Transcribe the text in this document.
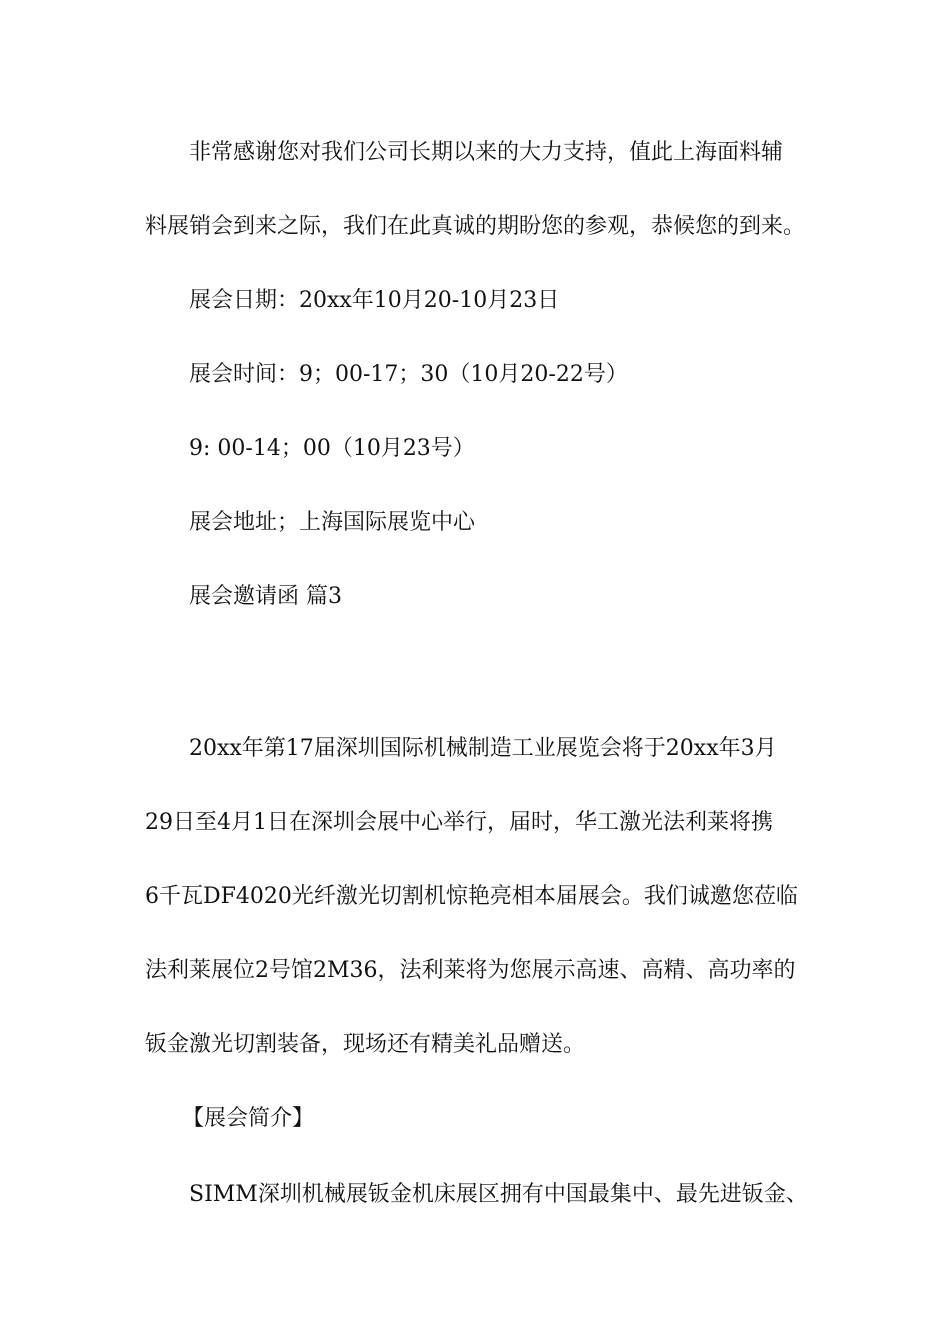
非常感谢您对我们公司长期以来的大力支持，值此上海面料辅
料展销会到来之际，我们在此真诚的期盼您的参观，恭候您的到来。
展会日期：20xx年10月20-10月23日
展会时间：9；00-17；30（10月20-22号）
9: 00-14；00（10月23号）
展会地址；上海国际展览中心
展会邀请函 篇3
20xx年第17届深圳国际机械制造工业展览会将于20xx年3月
29日至4月1日在深圳会展中心举行，届时，华工激光法利莱将携
6千瓦DF4020光纤激光切割机惊艳亮相本届展会。我们诚邀您莅临
法利莱展位2号馆2M36，法利莱将为您展示高速、高精、高功率的
钣金激光切割装备，现场还有精美礼品赠送。
【展会简介】
SIMM深圳机械展钣金机床展区拥有中国最集中、最先进钣金、
